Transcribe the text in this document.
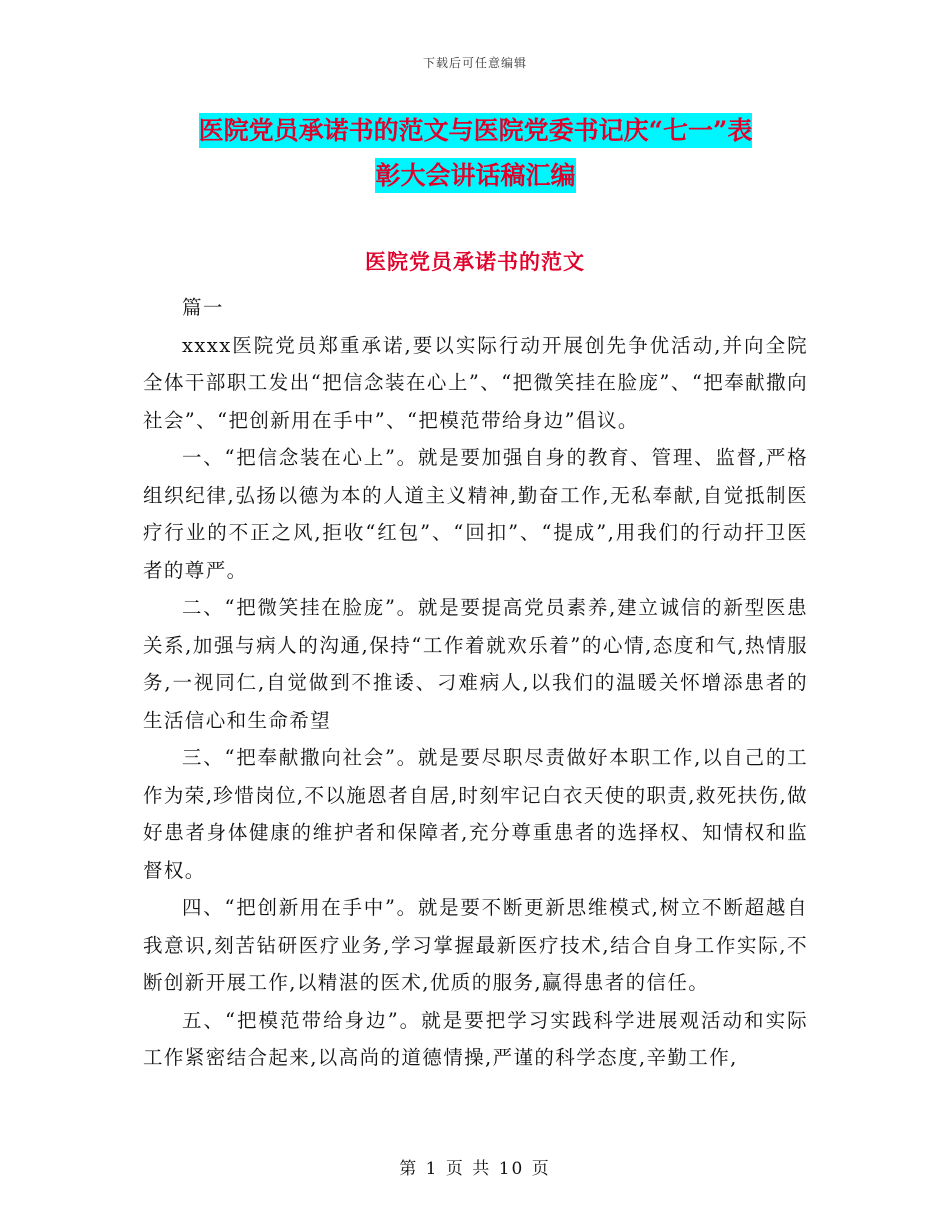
下载后可任意编辑
医院党员承诺书的范文与医院党委书记庆“七一”表
彰大会讲话稿汇编
医院党员承诺书的范文

篇一

xxxx医院党员郑重承诺,要以实际行动开展创先争优活动,并向全院全体干部职工发出“把信念装在心上”、“把微笑挂在脸庞”、“把奉献撒向社会”、“把创新用在手中”、“把模范带给身边”倡议。

一、“把信念装在心上”。就是要加强自身的教育、管理、监督,严格组织纪律,弘扬以德为本的人道主义精神,勤奋工作,无私奉献,自觉抵制医疗行业的不正之风,拒收“红包”、“回扣”、“提成”,用我们的行动扞卫医者的尊严。

二、“把微笑挂在脸庞”。就是要提高党员素养,建立诚信的新型医患关系,加强与病人的沟通,保持“工作着就欢乐着”的心情,态度和气,热情服务,一视同仁,自觉做到不推诿、刁难病人,以我们的温暖关怀增添患者的生活信心和生命希望

三、“把奉献撒向社会”。就是要尽职尽责做好本职工作,以自己的工作为荣,珍惜岗位,不以施恩者自居,时刻牢记白衣天使的职责,救死扶伤,做好患者身体健康的维护者和保障者,充分尊重患者的选择权、知情权和监督权。

四、“把创新用在手中”。就是要不断更新思维模式,树立不断超越自我意识,刻苦钻研医疗业务,学习掌握最新医疗技术,结合自身工作实际,不断创新开展工作,以精湛的医术,优质的服务,赢得患者的信任。

五、“把模范带给身边”。就是要把学习实践科学进展观活动和实际工作紧密结合起来,以高尚的道德情操,严谨的科学态度,辛勤工作,

第 1 页 共 10 页
